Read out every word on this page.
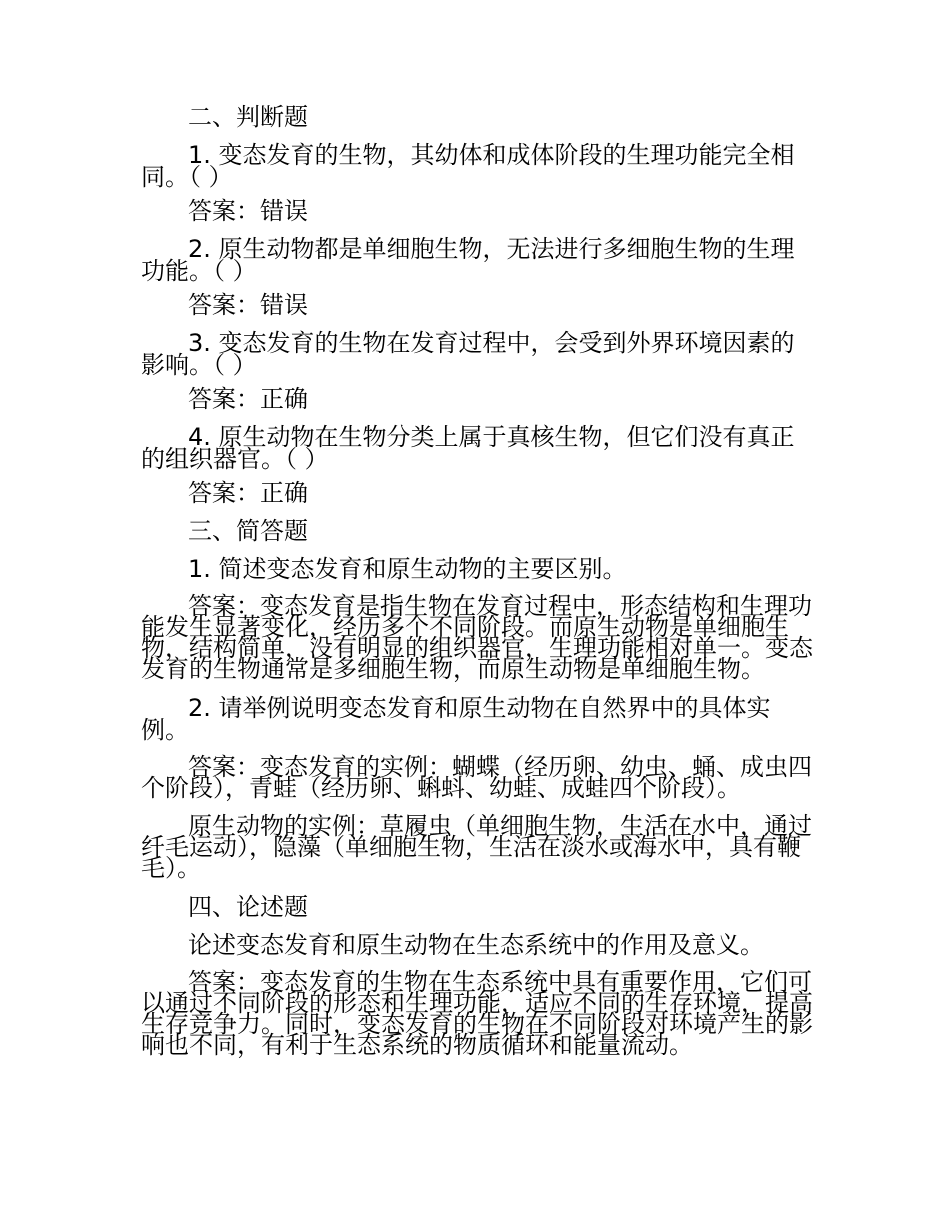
二、判断题

1. 变态发育的生物，其幼体和成体阶段的生理功能完全相同。（ ）

答案：错误

2. 原生动物都是单细胞生物，无法进行多细胞生物的生理功能。（ ）

答案：错误

3. 变态发育的生物在发育过程中，会受到外界环境因素的影响。（ ）

答案：正确

4. 原生动物在生物分类上属于真核生物，但它们没有真正的组织器官。（ ）

答案：正确

三、简答题

1. 简述变态发育和原生动物的主要区别。

答案：变态发育是指生物在发育过程中，形态结构和生理功能发生显著变化，经历多个不同阶段。而原生动物是单细胞生物，结构简单，没有明显的组织器官，生理功能相对单一。变态发育的生物通常是多细胞生物，而原生动物是单细胞生物。

2. 请举例说明变态发育和原生动物在自然界中的具体实例。

答案：变态发育的实例：蝴蝶（经历卵、幼虫、蛹、成虫四个阶段），青蛙（经历卵、蝌蚪、幼蛙、成蛙四个阶段）。

原生动物的实例：草履虫（单细胞生物，生活在水中，通过纤毛运动），隐藻（单细胞生物，生活在淡水或海水中，具有鞭毛）。

四、论述题

论述变态发育和原生动物在生态系统中的作用及意义。

答案：变态发育的生物在生态系统中具有重要作用，它们可以通过不同阶段的形态和生理功能，适应不同的生存环境，提高生存竞争力。同时，变态发育的生物在不同阶段对环境产生的影响也不同，有利于生态系统的物质循环和能量流动。
